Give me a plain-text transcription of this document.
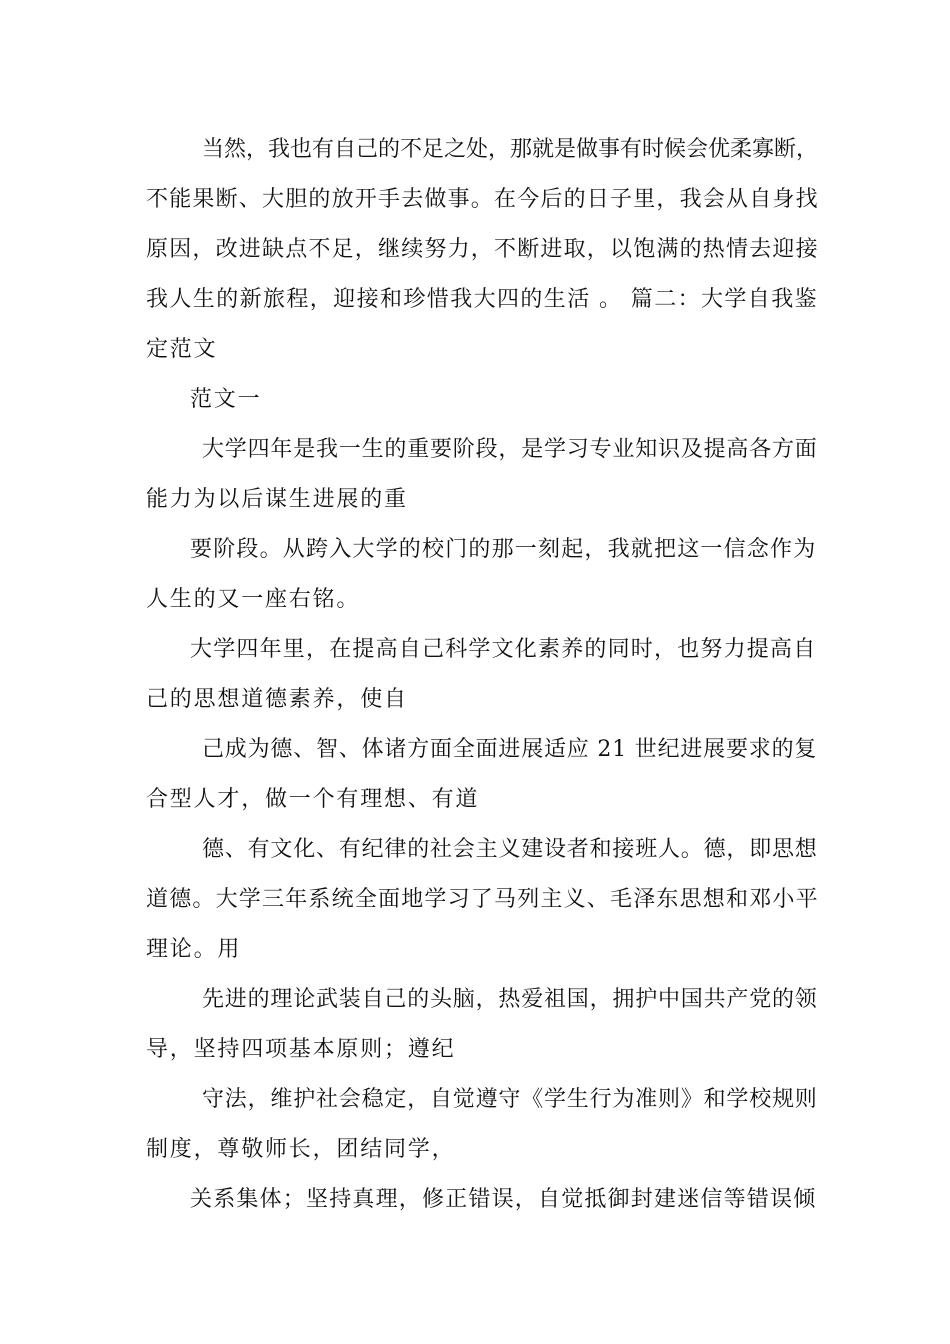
当然，我也有自己的不足之处，那就是做事有时候会优柔寡断，
不能果断、大胆的放开手去做事。在今后的日子里，我会从自身找
原因，改进缺点不足，继续努力，不断进取，以饱满的热情去迎接
我人生的新旅程，迎接和珍惜我大四的生活 。 篇二：大学自我鉴
定范文
范文一
大学四年是我一生的重要阶段，是学习专业知识及提高各方面
能力为以后谋生进展的重
要阶段。从跨入大学的校门的那一刻起，我就把这一信念作为
人生的又一座右铭。
大学四年里，在提高自己科学文化素养的同时，也努力提高自
己的思想道德素养，使自
己成为德、智、体诸方面全面进展适应 21 世纪进展要求的复
合型人才，做一个有理想、有道
德、有文化、有纪律的社会主义建设者和接班人。德，即思想
道德。大学三年系统全面地学习了马列主义、毛泽东思想和邓小平
理论。用
先进的理论武装自己的头脑，热爱祖国，拥护中国共产党的领
导，坚持四项基本原则；遵纪
守法，维护社会稳定，自觉遵守《学生行为准则》和学校规则
制度，尊敬师长，团结同学，
关系集体；坚持真理，修正错误，自觉抵御封建迷信等错误倾
